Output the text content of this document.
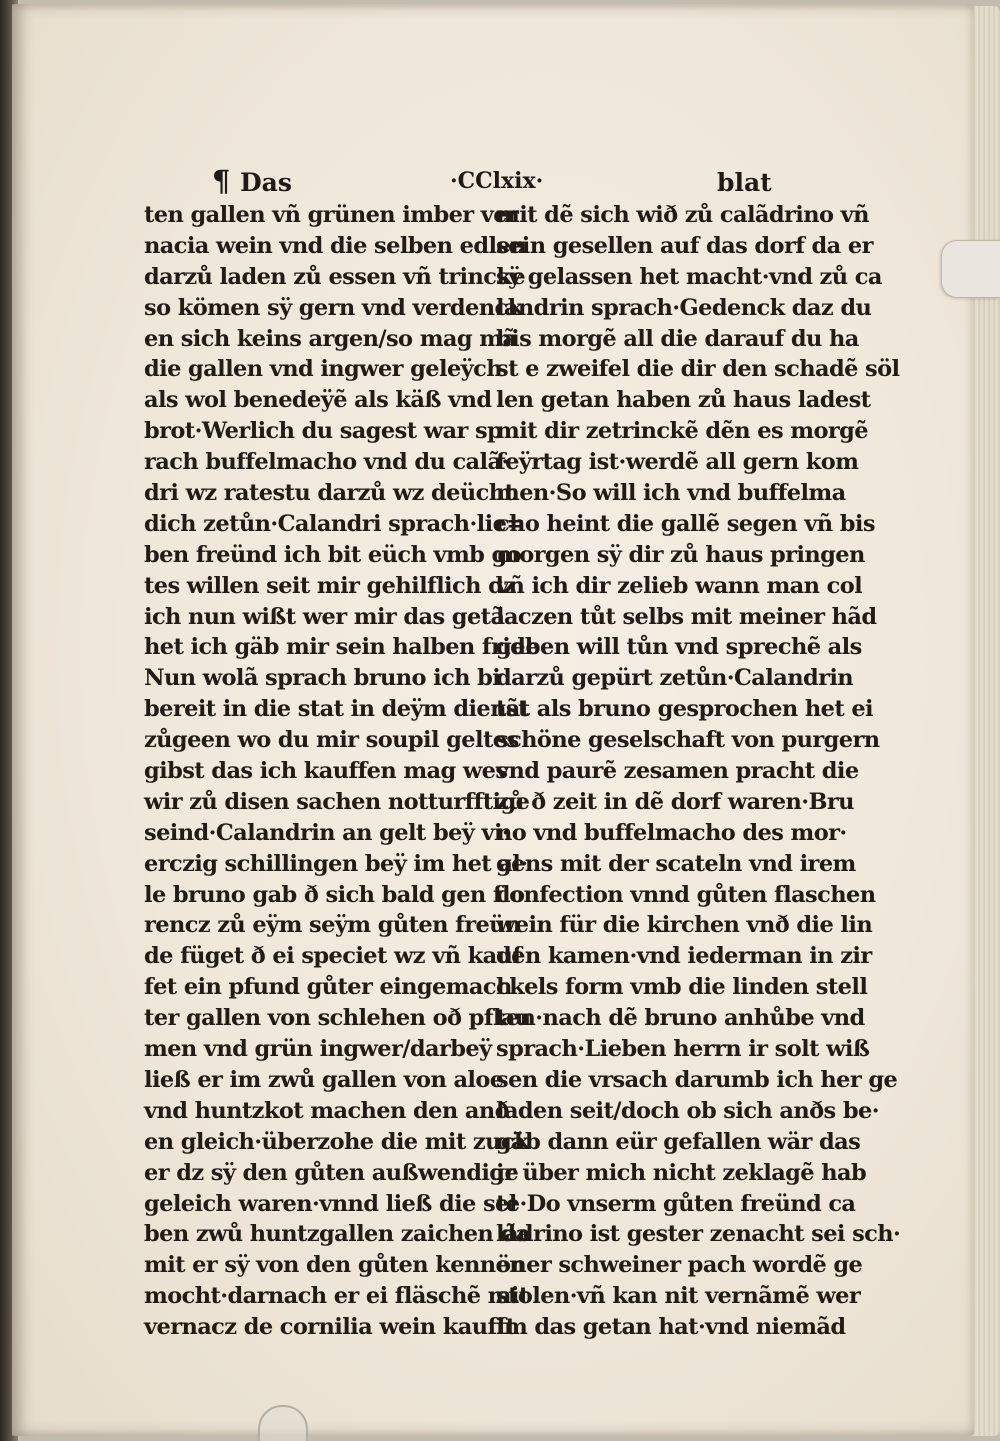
¶ Das	·CClxix·	blat
ten gallen vñ grünen imber ver
nacia wein vnd die selben edlen
darzů laden zů essen vñ trincke
so kömen sÿ gern vnd verdenck
en sich keins argen/so mag mã
die gallen vnd ingwer geleÿch
als wol benedeÿẽ als käß vnd
brot·Werlich du sagest war sp
rach buffelmacho vnd du calã·
dri wz ratestu darzů wz deücht
dich zetůn·Calandri sprach·lie=
ben freünd ich bit eüch vmb go
tes willen seit mir gehilflich dz
ich nun wißt wer mir das getã
het ich gäb mir sein halben fride
Nun wolã sprach bruno ich bi
bereit in die stat in deÿm dienst
zůgeen wo du mir soupil geltes
gibst das ich kauffen mag wes
wir zů disen sachen notturfftige
seind·Calandrin an gelt beÿ vi·
erczig schillingen beÿ im het al·
le bruno gab ð sich bald gen flo
rencz zů eÿm seÿm gůten freün
de füget ð ei speciet wz vñ kauf
fet ein pfund gůter eingemach
ter gallen von schlehen oð pflau
men vnd grün ingwer/darbeÿ
ließ er im zwů gallen von aloe
vnd huntzkot machen den anð
en gleich·überzohe die mit zuck
er dz sÿ den gůten außwendige
geleich waren·vnnd ließ die sel
ben zwů huntzgallen zaichen da
mit er sÿ von den gůten kennen
mocht·darnach er ei fläschẽ mit
vernacz de cornilia wein kaufft
mit dẽ sich wið zů calãdrino vñ
sein gesellen auf das dorf da er
sÿ gelassen het macht·vnd zů ca
landrin sprach·Gedenck daz du
bis morgẽ all die darauf du ha
st e zweifel die dir den schadẽ söl
len getan haben zů haus ladest
mit dir zetrinckẽ dẽn es morgẽ
feÿrtag ist·werdẽ all gern kom
men·So will ich vnd buffelma
cho heint die gallẽ segen vñ bis
morgen sÿ dir zů haus pringen
vñ ich dir zelieb wann man col
laczen tůt selbs mit meiner hãd
geben will tůn vnd sprechẽ als
darzů gepürt zetůn·Calandrin
tãt als bruno gesprochen het ei
schöne geselschaft von purgern
vnd paurẽ zesamen pracht die
zů ð zeit in dẽ dorf waren·Bru
no vnd buffelmacho des mor·
gens mit der scateln vnd irem
confection vnnd gůten flaschen
wein für die kirchen vnð die lin
den kamen·vnd iederman in zir
ckels form vmb die linden stell
ten·nach dẽ bruno anhůbe vnd
sprach·Lieben herrn ir solt wiß
sen die vrsach darumb ich her ge
laden seit/doch ob sich anðs be·
gäb dann eür gefallen wär das
ir über mich nicht zeklagẽ hab
te·Do vnserm gůten freünd ca
lãdrino ist gester zenacht sei sch·
öner schweiner pach wordẽ ge
stolen·vñ kan nit vernãmẽ wer
im das getan hat·vnd niemãd
